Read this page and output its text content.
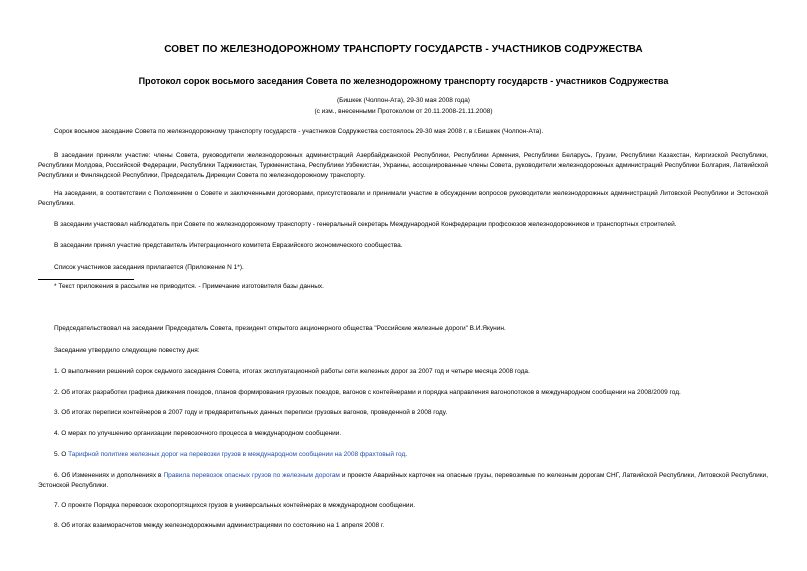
СОВЕТ ПО ЖЕЛЕЗНОДОРОЖНОМУ ТРАНСПОРТУ ГОСУДАРСТВ - УЧАСТНИКОВ СОДРУЖЕСТВА
Протокол сорок восьмого заседания Совета по железнодорожному транспорту государств - участников Содружества
(Бишкек (Чолпон-Ата), 29-30 мая 2008 года)
(с изм., внесенными Протоколом от 20.11.2008-21.11.2008)
Сорок восьмое заседание Совета по железнодорожному транспорту государств - участников Содружества состоялось 29-30 мая 2008 г. в г.Бишкек (Чолпон-Ата).
В заседании приняли участие: члены Совета, руководители железнодорожных администраций Азербайджанской Республики, Республики Армения, Республики Беларусь, Грузии, Республики Казахстан, Киргизской Республики, Республики Молдова, Российской Федерации, Республики Таджикистан, Туркменистана, Республики Узбекистан, Украины, ассоциированные члены Совета, руководители железнодорожных администраций Республики Болгария, Латвийской Республики и Финляндской Республики, Председатель Дирекции Совета по железнодорожному транспорту.
На заседании, в соответствии с Положением о Совете и заключенными договорами, присутствовали и принимали участие в обсуждении вопросов руководители железнодорожных администраций Литовской Республики и Эстонской Республики.
В заседании участвовал наблюдатель при Совете по железнодорожному транспорту - генеральный секретарь Международной Конфедерации профсоюзов железнодорожников и транспортных строителей.
В заседании принял участие представитель Интеграционного комитета Евразийского экономического сообщества.
Список участников заседания прилагается (Приложение N 1*).
* Текст приложения в рассылке не приводится. - Примечание изготовителя базы данных.
Председательствовал на заседании Председатель Совета, президент открытого акционерного общества "Российские железные дороги" В.И.Якунин.
Заседание утвердило следующие повестку дня:
1. О выполнении решений сорок седьмого заседания Совета, итогах эксплуатационной работы сети железных дорог за 2007 год и четыре месяца 2008 года.
2. Об итогах разработки графика движения поездов, планов формирования грузовых поездов, вагонов с контейнерами и порядка направления вагонопотоков в международном сообщении на 2008/2009 год.
3. Об итогах переписи контейнеров в 2007 году и предварительных данных переписи грузовых вагонов, проведенной в 2008 году.
4. О мерах по улучшению организации перевозочного процесса в международном сообщении.
5. О Тарифной политике железных дорог на перевозки грузов в международном сообщении на 2008 фрахтовый год.
6. Об Изменениях и дополнениях в Правила перевозок опасных грузов по железным дорогам и проекте Аварийных карточек на опасные грузы, перевозимые по железным дорогам СНГ, Латвийской Республики, Литовской Республики, Эстонской Республики.
7. О проекте Порядка перевозок скоропортящихся грузов в универсальных контейнерах в международном сообщении.
8. Об итогах взаиморасчетов между железнодорожными администрациями по состоянию на 1 апреля 2008 г.
